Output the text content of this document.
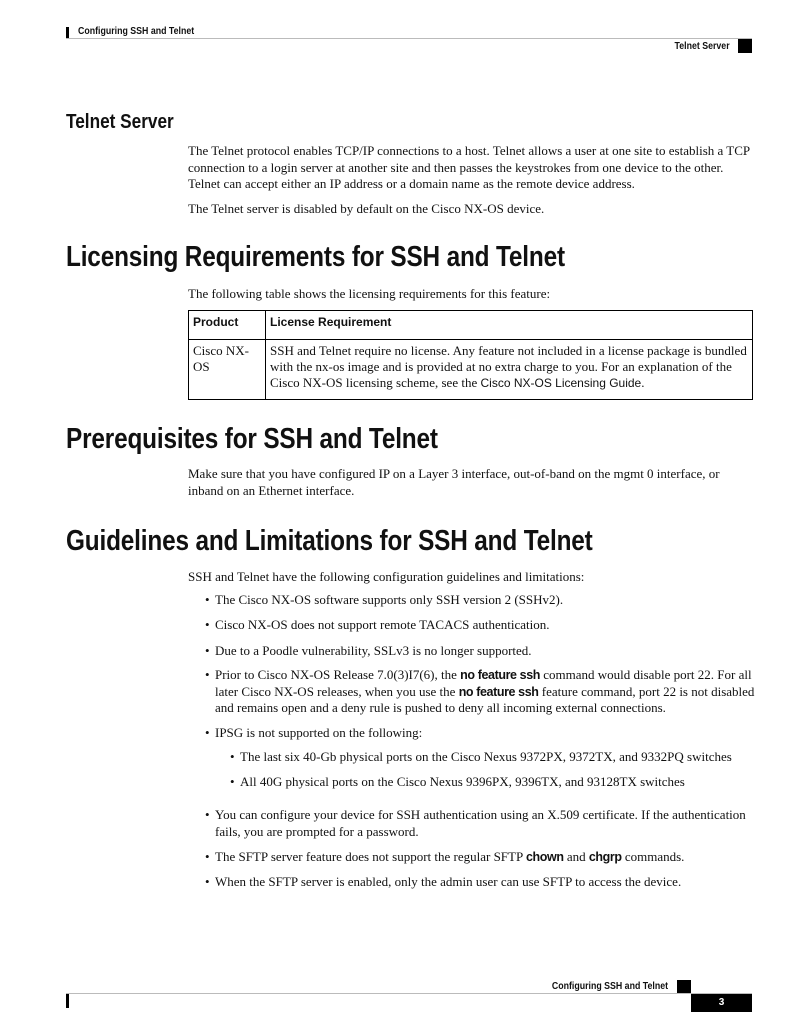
Configuring SSH and Telnet
Telnet Server
Telnet Server

The Telnet protocol enables TCP/IP connections to a host. Telnet allows a user at one site to establish a TCP connection to a login server at another site and then passes the keystrokes from one device to the other. Telnet can accept either an IP address or a domain name as the remote device address.

The Telnet server is disabled by default on the Cisco NX-OS device.

Licensing Requirements for SSH and Telnet
The following table shows the licensing requirements for this feature:
Product	License Requirement
Cisco NX-OS	SSH and Telnet require no license. Any feature not included in a license package is bundled with the nx-os image and is provided at no extra charge to you. For an explanation of the Cisco NX-OS licensing scheme, see the Cisco NX-OS Licensing Guide.
Prerequisites for SSH and Telnet
Make sure that you have configured IP on a Layer 3 interface, out-of-band on the mgmt 0 interface, or inband on an Ethernet interface.
Guidelines and Limitations for SSH and Telnet
SSH and Telnet have the following configuration guidelines and limitations:
• The Cisco NX-OS software supports only SSH version 2 (SSHv2).
• Cisco NX-OS does not support remote TACACS authentication.
• Due to a Poodle vulnerability, SSLv3 is no longer supported.
• Prior to Cisco NX-OS Release 7.0(3)I7(6), the no feature ssh command would disable port 22. For all later Cisco NX-OS releases, when you use the no feature ssh feature command, port 22 is not disabled and remains open and a deny rule is pushed to deny all incoming external connections.
• IPSG is not supported on the following:
• The last six 40-Gb physical ports on the Cisco Nexus 9372PX, 9372TX, and 9332PQ switches
• All 40G physical ports on the Cisco Nexus 9396PX, 9396TX, and 93128TX switches
• You can configure your device for SSH authentication using an X.509 certificate. If the authentication fails, you are prompted for a password.
• The SFTP server feature does not support the regular SFTP chown and chgrp commands.
• When the SFTP server is enabled, only the admin user can use SFTP to access the device.
Configuring SSH and Telnet
3
